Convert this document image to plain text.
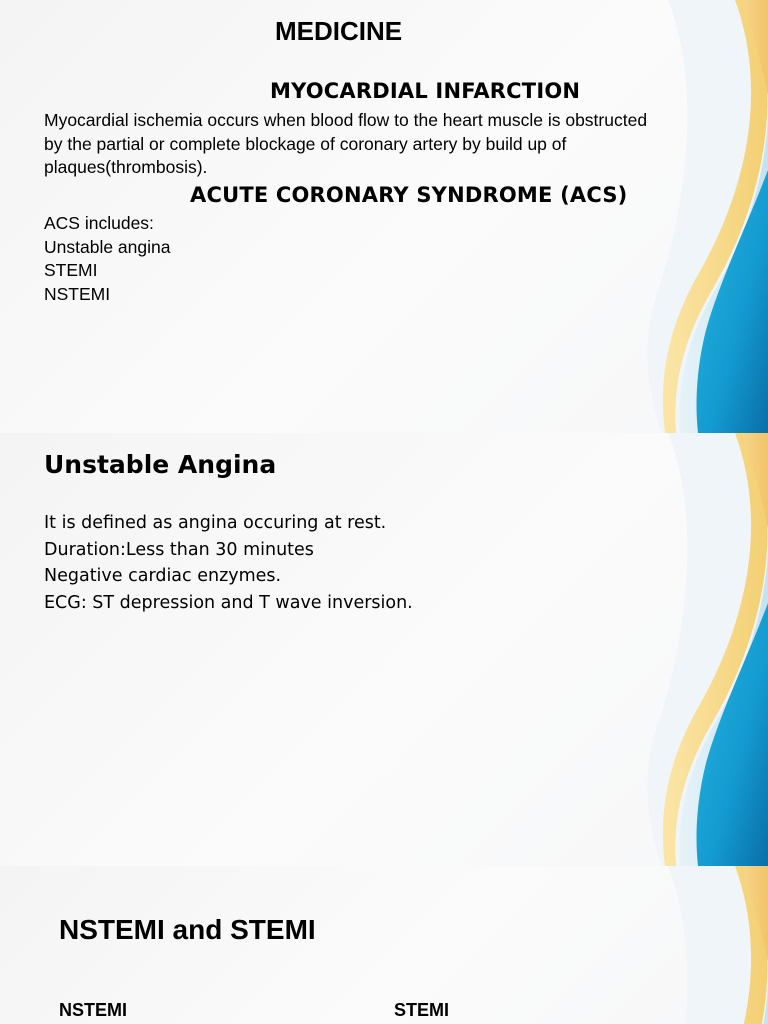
MEDICINE
MYOCARDIAL INFARCTION
Myocardial ischemia occurs when blood flow to the heart muscle is obstructed
by the partial or complete blockage of coronary artery by build up of
plaques(thrombosis).
ACUTE CORONARY SYNDROME (ACS)
ACS includes:
Unstable angina
STEMI
NSTEMI
Unstable Angina
It is defined as angina occuring at rest.
Duration:Less than 30 minutes
Negative cardiac enzymes.
ECG: ST depression and T wave inversion.
NSTEMI and STEMI
NSTEMI	STEMI
